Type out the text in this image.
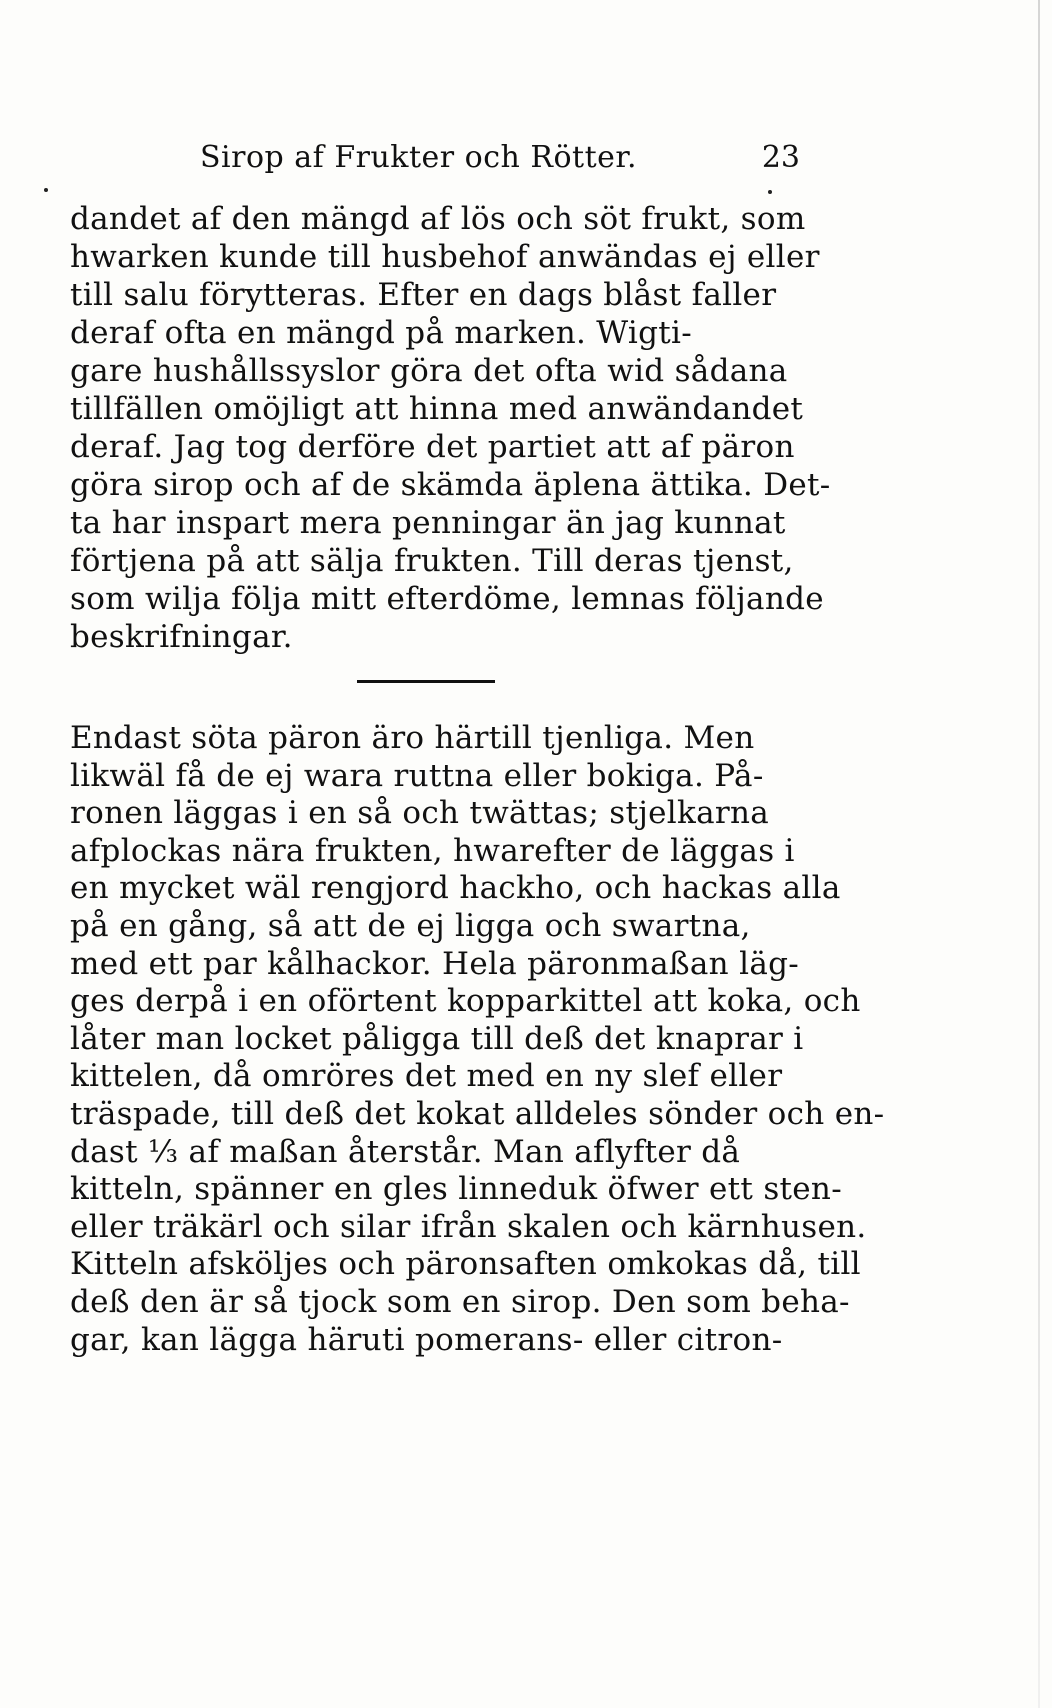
Sirop af Frukter och Rötter.	23
dandet af den mängd af lös och söt frukt, som
hwarken kunde till husbehof anwändas ej eller
till salu förytteras. Efter en dags blåst faller
deraf ofta en mängd på marken. Wigti-
gare hushållssyslor göra det ofta wid sådana
tillfällen omöjligt att hinna med anwändandet
deraf. Jag tog derföre det partiet att af päron
göra sirop och af de skämda äplena ättika. Det-
ta har inspart mera penningar än jag kunnat
förtjena på att sälja frukten. Till deras tjenst,
som wilja följa mitt efterdöme, lemnas följande
beskrifningar.
Endast söta päron äro härtill tjenliga. Men
likwäl få de ej wara ruttna eller bokiga. På-
ronen läggas i en så och twättas; stjelkarna
afplockas nära frukten, hwarefter de läggas i
en mycket wäl rengjord hackho, och hackas alla
på en gång, så att de ej ligga och swartna,
med ett par kålhackor. Hela päronmaßan läg-
ges derpå i en oförtent kopparkittel att koka, och
låter man locket påligga till deß det knaprar i
kittelen, då omröres det med en ny slef eller
träspade, till deß det kokat alldeles sönder och en-
dast ⅓ af maßan återstår. Man aflyfter då
kitteln, spänner en gles linneduk öfwer ett sten-
eller träkärl och silar ifrån skalen och kärnhusen.
Kitteln afsköljes och päronsaften omkokas då, till
deß den är så tjock som en sirop. Den som beha-
gar, kan lägga häruti pomerans- eller citron-
